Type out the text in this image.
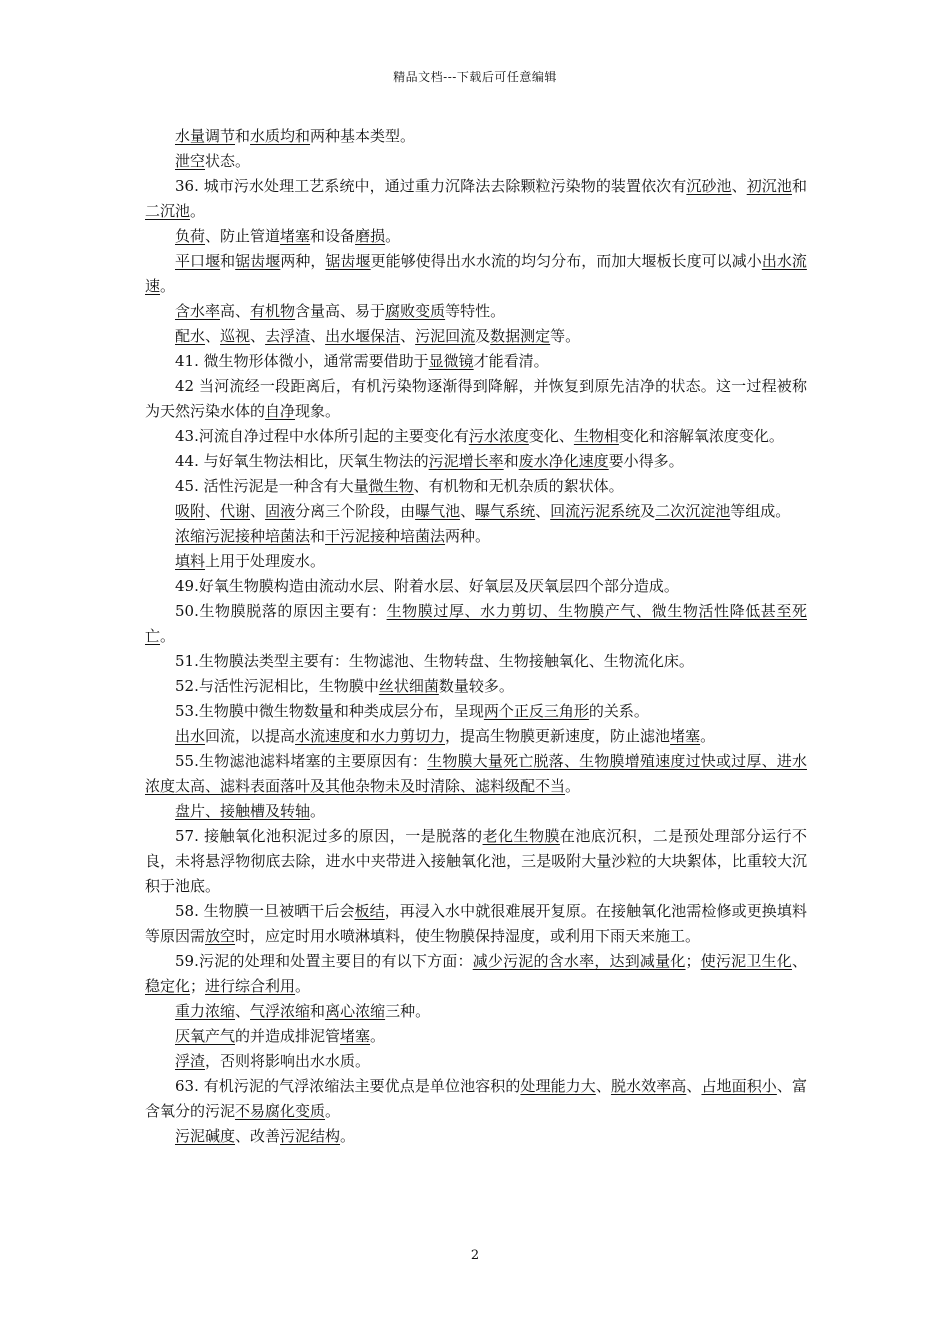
精品文档---下载后可任意编辑

水量调节和水质均和两种基本类型。

泄空状态。

36. 城市污水处理工艺系统中，通过重力沉降法去除颗粒污染物的装置依次有沉砂池、初沉池和二沉池。

负荷、防止管道堵塞和设备磨损。

平口堰和锯齿堰两种，锯齿堰更能够使得出水水流的均匀分布，而加大堰板长度可以减小出水流速。

含水率高、有机物含量高、易于腐败变质等特性。

配水、巡视、去浮渣、出水堰保洁、污泥回流及数据测定等。

41. 微生物形体微小，通常需要借助于显微镜才能看清。

42 当河流经一段距离后，有机污染物逐渐得到降解，并恢复到原先洁净的状态。这一过程被称为天然污染水体的自净现象。

43.河流自净过程中水体所引起的主要变化有污水浓度变化、生物相变化和溶解氧浓度变化。

44. 与好氧生物法相比，厌氧生物法的污泥增长率和废水净化速度要小得多。

45. 活性污泥是一种含有大量微生物、有机物和无机杂质的絮状体。

吸附、代谢、固液分离三个阶段，由曝气池、曝气系统、回流污泥系统及二次沉淀池等组成。

浓缩污泥接种培菌法和干污泥接种培菌法两种。

填料上用于处理废水。

49.好氧生物膜构造由流动水层、附着水层、好氧层及厌氧层四个部分造成。

50.生物膜脱落的原因主要有：生物膜过厚、水力剪切、生物膜产气、微生物活性降低甚至死亡。

51.生物膜法类型主要有：生物滤池、生物转盘、生物接触氧化、生物流化床。

52.与活性污泥相比，生物膜中丝状细菌数量较多。

53.生物膜中微生物数量和种类成层分布，呈现两个正反三角形的关系。

出水回流，以提高水流速度和水力剪切力，提高生物膜更新速度，防止滤池堵塞。

55.生物滤池滤料堵塞的主要原因有：生物膜大量死亡脱落、生物膜增殖速度过快或过厚、进水浓度太高、滤料表面落叶及其他杂物未及时清除、滤料级配不当。

盘片、接触槽及转轴。

57. 接触氧化池积泥过多的原因，一是脱落的老化生物膜在池底沉积，二是预处理部分运行不良，未将悬浮物彻底去除，进水中夹带进入接触氧化池，三是吸附大量沙粒的大块絮体，比重较大沉积于池底。

58. 生物膜一旦被晒干后会板结，再浸入水中就很难展开复原。在接触氧化池需检修或更换填料等原因需放空时，应定时用水喷淋填料，使生物膜保持湿度，或利用下雨天来施工。

59.污泥的处理和处置主要目的有以下方面：减少污泥的含水率，达到减量化；使污泥卫生化、稳定化；进行综合利用。

重力浓缩、气浮浓缩和离心浓缩三种。

厌氧产气的并造成排泥管堵塞。

浮渣，否则将影响出水水质。

63. 有机污泥的气浮浓缩法主要优点是单位池容积的处理能力大、脱水效率高、占地面积小、富含氧分的污泥不易腐化变质。

污泥碱度、改善污泥结构。

2
